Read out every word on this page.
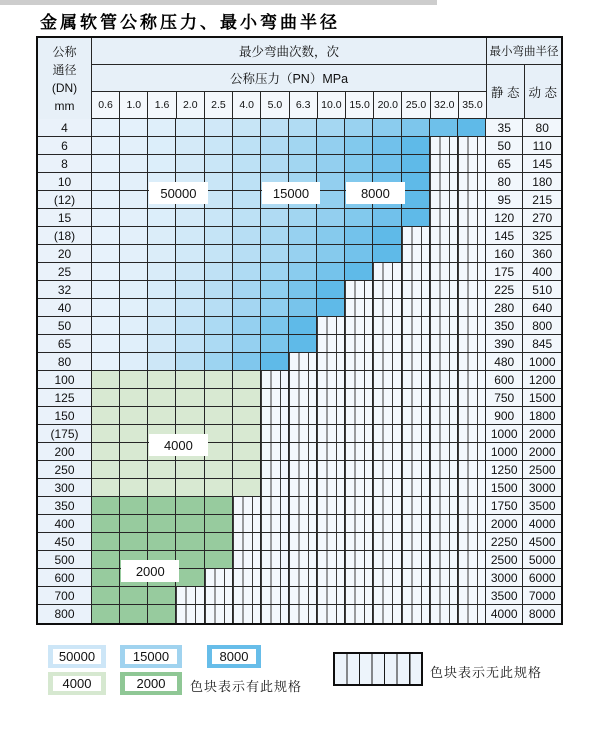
金属软管公称压力、最小弯曲半径
公称
通径
(DN)
mm
最少弯曲次数，次
公称压力（PN）MPa
0.6	1.0	1.6	2.0	2.5	4.0	5.0	6.3	10.0 15.0 20.0 25.0 32.0 35.0
最小弯曲半径
静 态 动 态
4	35	80
6	50	110
8	65	145
10	80	180
(12)	95	215
15	120	270
(18)	145	325
20	160	360
25	175	400
32	225	510
40	280	640
50	350	800
65	390	845
80	480	1000
100	600	1200
125	750	1500
150	900	1800
(175)	1000 2000
200	1000 2000
250	1250 2500
300	1500 3000
350	1750 3500
400	2000 4000
450	2250 4500
500	2500 5000
600	3000 6000
700	3500 7000
800	4000 8000
50000	15000	8000
4000
2000
色块表示有此规格
色块表示无此规格
50000	15000	8000
4000	2000
